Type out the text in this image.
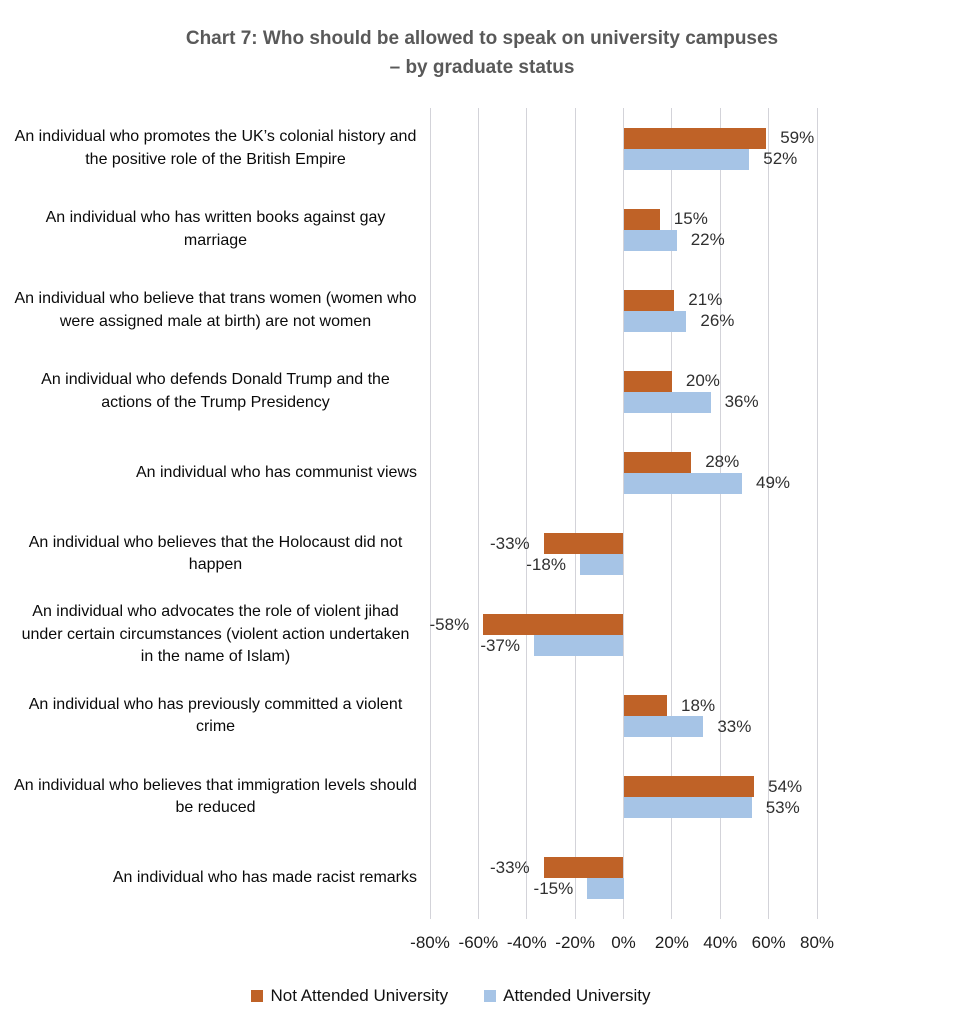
Chart 7: Who should be allowed to speak on university campuses
– by graduate status
An individual who promotes the UK’s colonial history and the positive role of the British Empire
An individual who has written books against gay marriage
An individual who believe that trans women (women who were assigned male at birth) are not women
An individual who defends Donald Trump and the actions of the Trump Presidency
An individual who has communist views
An individual who believes that the Holocaust did not happen
An individual who advocates the role of violent jihad under certain circumstances (violent action undertaken in the name of Islam)
An individual who has previously committed a violent crime
An individual who believes that immigration levels should be reduced
An individual who has made racist remarks
59%
52%
15%
22%
21%
26%
20%
36%
28%
49%
-33%
-18%
-58%
-37%
18%
33%
54%
53%
-33%
-15%
-80% -60% -40% -20% 0% 20% 40% 60% 80%
Not Attended University	Attended University
